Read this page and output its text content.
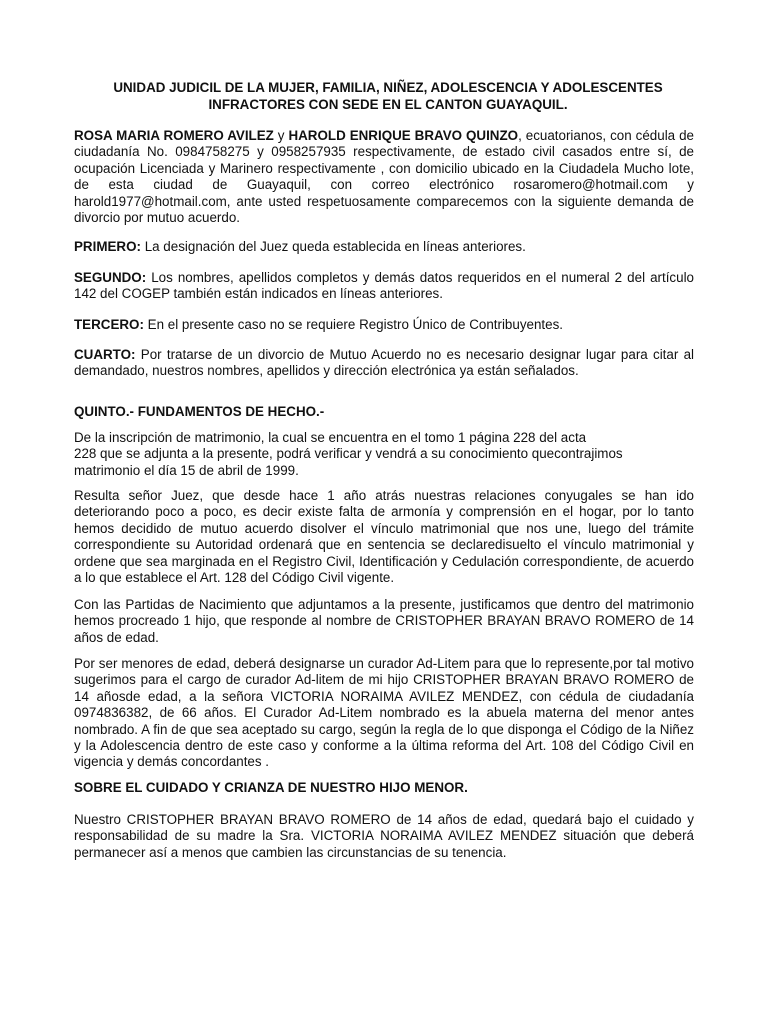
UNIDAD JUDICIL DE LA MUJER, FAMILIA, NIÑEZ, ADOLESCENCIA Y ADOLESCENTES
INFRACTORES CON SEDE EN EL CANTON GUAYAQUIL.

ROSA MARIA ROMERO AVILEZ y HAROLD ENRIQUE BRAVO QUINZO, ecuatorianos, con cédula de ciudadanía No. 0984758275 y 0958257935 respectivamente, de estado civil casados entre sí, de ocupación Licenciada y Marinero respectivamente , con domicilio ubicado en la Ciudadela Mucho lote, de esta ciudad de Guayaquil, con correo electrónico rosaromero@hotmail.com y harold1977@hotmail.com, ante usted respetuosamente comparecemos con la siguiente demanda de divorcio por mutuo acuerdo.

PRIMERO: La designación del Juez queda establecida en líneas anteriores.

SEGUNDO: Los nombres, apellidos completos y demás datos requeridos en el numeral 2 del artículo 142 del COGEP también están indicados en líneas anteriores.

TERCERO: En el presente caso no se requiere Registro Único de Contribuyentes.

CUARTO: Por tratarse de un divorcio de Mutuo Acuerdo no es necesario designar lugar para citar al demandado, nuestros nombres, apellidos y dirección electrónica ya están señalados.

QUINTO.- FUNDAMENTOS DE HECHO.-

De la inscripción de matrimonio, la cual se encuentra en el tomo 1 página 228 del acta
228 que se adjunta a la presente, podrá verificar y vendrá a su conocimiento quecontrajimos
matrimonio el día 15 de abril de 1999.

Resulta señor Juez, que desde hace 1 año atrás nuestras relaciones conyugales se han ido deteriorando poco a poco, es decir existe falta de armonía y comprensión en el hogar, por lo tanto hemos decidido de mutuo acuerdo disolver el vínculo matrimonial que nos une, luego del trámite correspondiente su Autoridad ordenará que en sentencia se declaredisuelto el vínculo matrimonial y ordene que sea marginada en el Registro Civil, Identificación y Cedulación correspondiente, de acuerdo a lo que establece el Art. 128 del Código Civil vigente.

Con las Partidas de Nacimiento que adjuntamos a la presente, justificamos que dentro del matrimonio hemos procreado 1 hijo, que responde al nombre de CRISTOPHER BRAYAN BRAVO ROMERO de 14 años de edad.

Por ser menores de edad, deberá designarse un curador Ad-Litem para que lo represente,por tal motivo sugerimos para el cargo de curador Ad-litem de mi hijo CRISTOPHER BRAYAN BRAVO ROMERO de 14 añosde edad, a la señora VICTORIA NORAIMA AVILEZ MENDEZ, con cédula de ciudadanía 0974836382, de 66 años. El Curador Ad-Litem nombrado es la abuela materna del menor antes nombrado. A fin de que sea aceptado su cargo, según la regla de lo que disponga el Código de la Niñez y la Adolescencia dentro de este caso y conforme a la última reforma del Art. 108 del Código Civil en vigencia y demás concordantes .

SOBRE EL CUIDADO Y CRIANZA DE NUESTRO HIJO MENOR.

Nuestro CRISTOPHER BRAYAN BRAVO ROMERO de 14 años de edad, quedará bajo el cuidado y responsabilidad de su madre la Sra. VICTORIA NORAIMA AVILEZ MENDEZ situación que deberá permanecer así a menos que cambien las circunstancias de su tenencia.
